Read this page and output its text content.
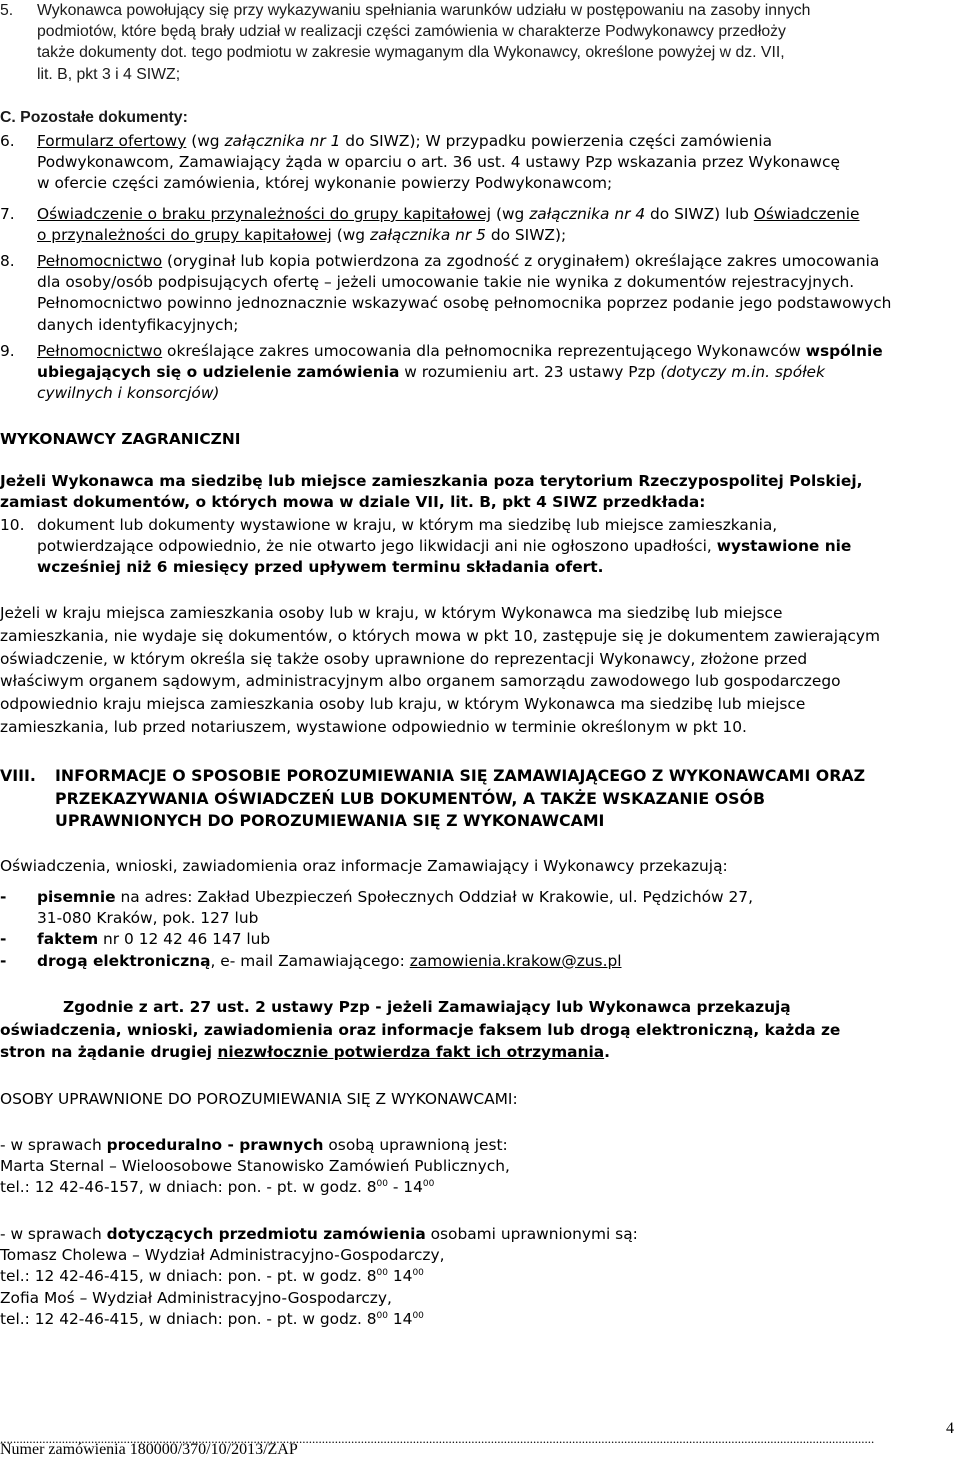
5.	Wykonawca powołujący się przy wykazywaniu spełniania warunków udziału w postępowaniu na zasoby innych
podmiotów, które będą brały udział w realizacji części zamówienia w charakterze Podwykonawcy przedłoży
także dokumenty dot. tego podmiotu w zakresie wymaganym dla Wykonawcy, określone powyżej w dz. VII,
lit. B, pkt 3 i 4 SIWZ;
C. Pozostałe dokumenty:
6.	Formularz ofertowy (wg załącznika nr 1 do SIWZ); W przypadku powierzenia części zamówienia
Podwykonawcom, Zamawiający żąda w oparciu o art. 36 ust. 4 ustawy Pzp wskazania przez Wykonawcę
w ofercie części zamówienia, której wykonanie powierzy Podwykonawcom;
7.	Oświadczenie o braku przynależności do grupy kapitałowej (wg załącznika nr 4 do SIWZ) lub Oświadczenie
o przynależności do grupy kapitałowej (wg załącznika nr 5 do SIWZ);
8.	Pełnomocnictwo (oryginał lub kopia potwierdzona za zgodność z oryginałem) określające zakres umocowania
dla osoby/osób podpisujących ofertę – jeżeli umocowanie takie nie wynika z dokumentów rejestracyjnych.
Pełnomocnictwo powinno jednoznacznie wskazywać osobę pełnomocnika poprzez podanie jego podstawowych
danych identyfikacyjnych;
9.	Pełnomocnictwo określające zakres umocowania dla pełnomocnika reprezentującego Wykonawców wspólnie
ubiegających się o udzielenie zamówienia w rozumieniu art. 23 ustawy Pzp (dotyczy m.in. spółek
cywilnych i konsorcjów)
WYKONAWCY ZAGRANICZNI
Jeżeli Wykonawca ma siedzibę lub miejsce zamieszkania poza terytorium Rzeczypospolitej Polskiej,
zamiast dokumentów, o których mowa w dziale VII, lit. B, pkt 4 SIWZ przedkłada:
10. dokument lub dokumenty wystawione w kraju, w którym ma siedzibę lub miejsce zamieszkania,
potwierdzające odpowiednio, że nie otwarto jego likwidacji ani nie ogłoszono upadłości, wystawione nie
wcześniej niż 6 miesięcy przed upływem terminu składania ofert.
Jeżeli w kraju miejsca zamieszkania osoby lub w kraju, w którym Wykonawca ma siedzibę lub miejsce
zamieszkania, nie wydaje się dokumentów, o których mowa w pkt 10, zastępuje się je dokumentem zawierającym
oświadczenie, w którym określa się także osoby uprawnione do reprezentacji Wykonawcy, złożone przed
właściwym organem sądowym, administracyjnym albo organem samorządu zawodowego lub gospodarczego
odpowiednio kraju miejsca zamieszkania osoby lub kraju, w którym Wykonawca ma siedzibę lub miejsce
zamieszkania, lub przed notariuszem, wystawione odpowiednio w terminie określonym w pkt 10.
VIII.	INFORMACJE O SPOSOBIE POROZUMIEWANIA SIĘ ZAMAWIAJĄCEGO Z WYKONAWCAMI ORAZ
PRZEKAZYWANIA OŚWIADCZEŃ LUB DOKUMENTÓW, A TAKŻE WSKAZANIE OSÓB
UPRAWNIONYCH DO POROZUMIEWANIA SIĘ Z WYKONAWCAMI
Oświadczenia, wnioski, zawiadomienia oraz informacje Zamawiający i Wykonawcy przekazują:
-	pisemnie na adres: Zakład Ubezpieczeń Społecznych Oddział w Krakowie, ul. Pędzichów 27,
31-080 Kraków, pok. 127 lub
-	faktem nr 0 12 42 46 147 lub
-	drogą elektroniczną, e- mail Zamawiającego: zamowienia.krakow@zus.pl
Zgodnie z art. 27 ust. 2 ustawy Pzp - jeżeli Zamawiający lub Wykonawca przekazują
oświadczenia, wnioski, zawiadomienia oraz informacje faksem lub drogą elektroniczną, każda ze
stron na żądanie drugiej niezwłocznie potwierdza fakt ich otrzymania.
OSOBY UPRAWNIONE DO POROZUMIEWANIA SIĘ Z WYKONAWCAMI:
- w sprawach proceduralno - prawnych osobą uprawnioną jest:
Marta Sternal – Wieloosobowe Stanowisko Zamówień Publicznych,
tel.: 12 42-46-157, w dniach: pon. - pt. w godz. $8^{00} - 14^{00}$
- w sprawach dotyczących przedmiotu zamówienia osobami uprawnionymi są:
Tomasz Cholewa – Wydział Administracyjno-Gospodarczy,
tel.: 12 42-46-415, w dniach: pon. - pt. w godz. $8^{00}$ $14^{00}$
Zofia Moś – Wydział Administracyjno-Gospodarczy,
tel.: 12 42-46-415, w dniach: pon. - pt. w godz. $8^{00}$ $14^{00}$
.............................................................................................................................................................................................................................................................................
4
Numer zamówienia 180000/370/10/2013/ZAP
